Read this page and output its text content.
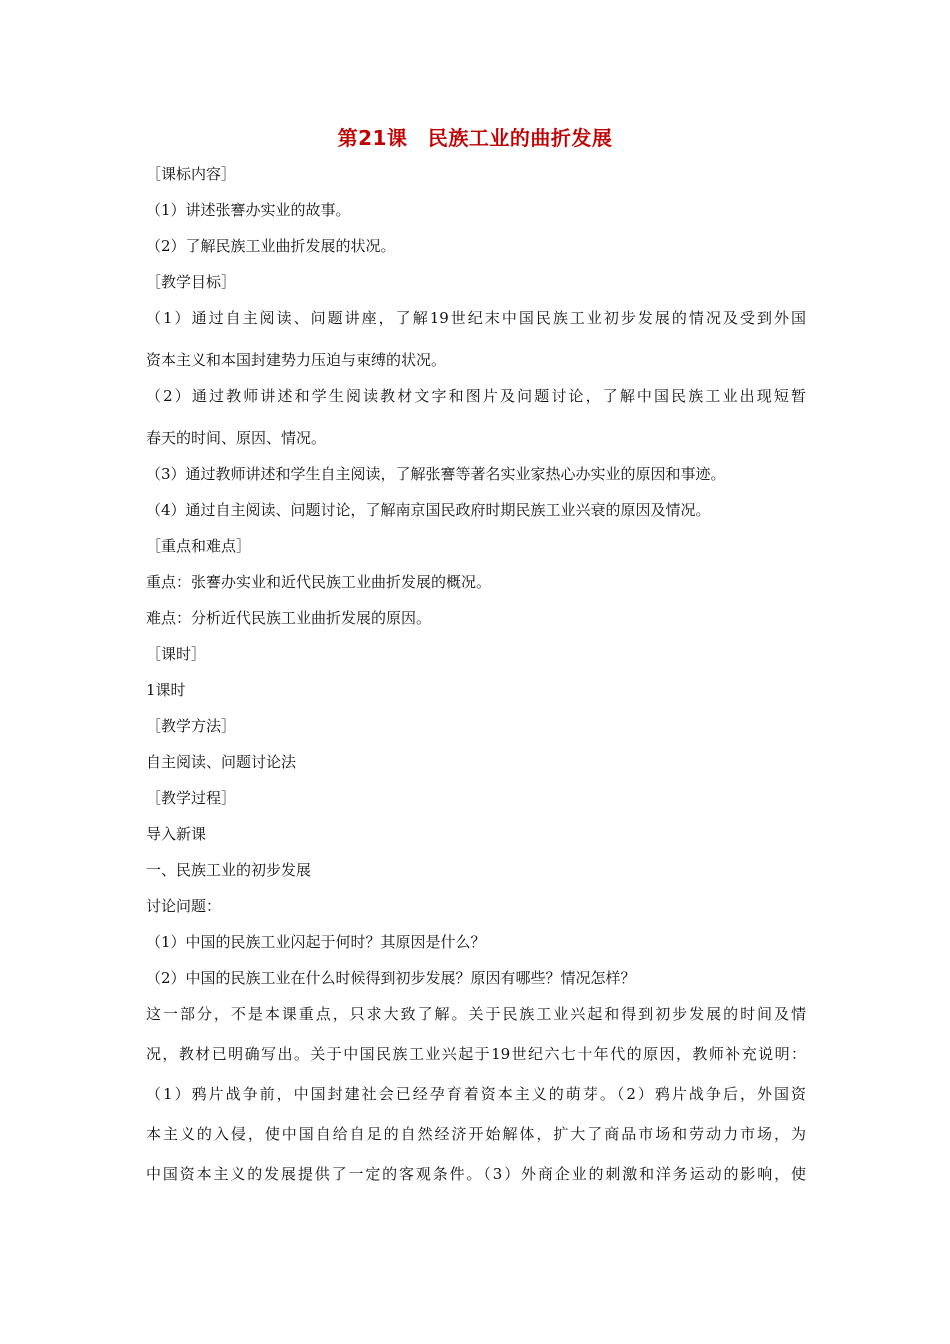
第21课　民族工业的曲折发展
［课标内容］
（1）讲述张謇办实业的故事。
（2）了解民族工业曲折发展的状况。
［教学目标］
（1）通过自主阅读、问题讲座，了解19世纪末中国民族工业初步发展的情况及受到外国
资本主义和本国封建势力压迫与束缚的状况。
（2）通过教师讲述和学生阅读教材文字和图片及问题讨论，了解中国民族工业出现短暂
春天的时间、原因、情况。
（3）通过教师讲述和学生自主阅读，了解张謇等著名实业家热心办实业的原因和事迹。
（4）通过自主阅读、问题讨论，了解南京国民政府时期民族工业兴衰的原因及情况。
［重点和难点］
重点：张謇办实业和近代民族工业曲折发展的概况。
难点：分析近代民族工业曲折发展的原因。
［课时］
1课时
［教学方法］
自主阅读、问题讨论法
［教学过程］
导入新课
一、民族工业的初步发展
讨论问题：
（1）中国的民族工业闪起于何时？其原因是什么？
（2）中国的民族工业在什么时候得到初步发展？原因有哪些？情况怎样？
这一部分，不是本课重点，只求大致了解。关于民族工业兴起和得到初步发展的时间及情
况，教材已明确写出。关于中国民族工业兴起于19世纪六七十年代的原因，教师补充说明：
（1）鸦片战争前，中国封建社会已经孕育着资本主义的萌芽。（2）鸦片战争后，外国资
本主义的入侵，使中国自给自足的自然经济开始解体，扩大了商品市场和劳动力市场，为
中国资本主义的发展提供了一定的客观条件。（3）外商企业的刺激和洋务运动的影响，使
